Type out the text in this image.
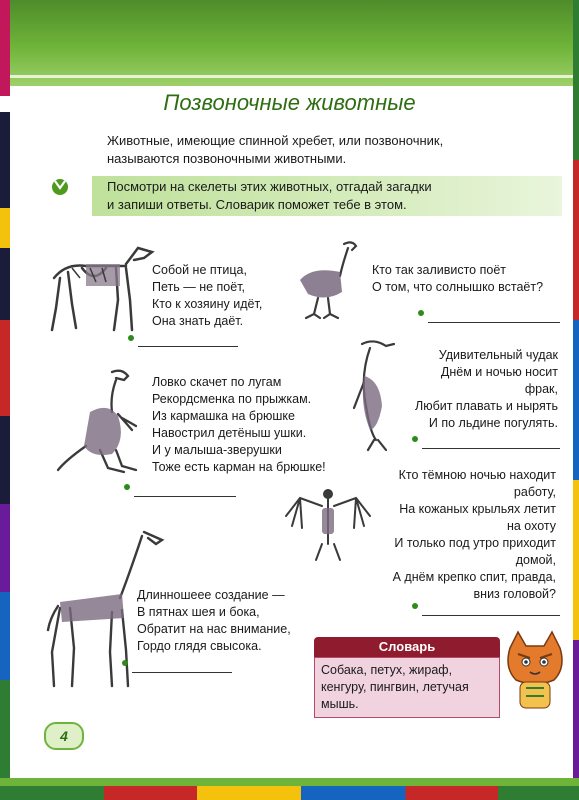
Позвоночные животные
Животные, имеющие спинной хребет, или позвоночник,
называются позвоночными животными.
Посмотри на скелеты этих животных, отгадай загадки
и запиши ответы. Словарик поможет тебе в этом.
Собой не птица,
Петь — не поёт,
Кто к хозяину идёт,
Она знать даёт.
Кто так заливисто поёт
О том, что солнышко встаёт?
Удивительный чудак
Днём и ночью носит
фрак,
Любит плавать и нырять
И по льдине погулять.
Ловко скачет по лугам
Рекордсменка по прыжкам.
Из кармашка на брюшке
Навострил детёныш ушки.
И у малыша-зверушки
Тоже есть карман на брюшке!
Кто тёмною ночью находит
работу,
На кожаных крыльях летит
на охоту
И только под утро приходит
домой,
А днём крепко спит, правда,
вниз головой?
Длинношеее создание —
В пятнах шея и бока,
Обратит на нас внимание,
Гордо глядя свысока.	Словарь
Собака, петух, жираф,
кенгуру, пингвин, летучая
мышь.
4
